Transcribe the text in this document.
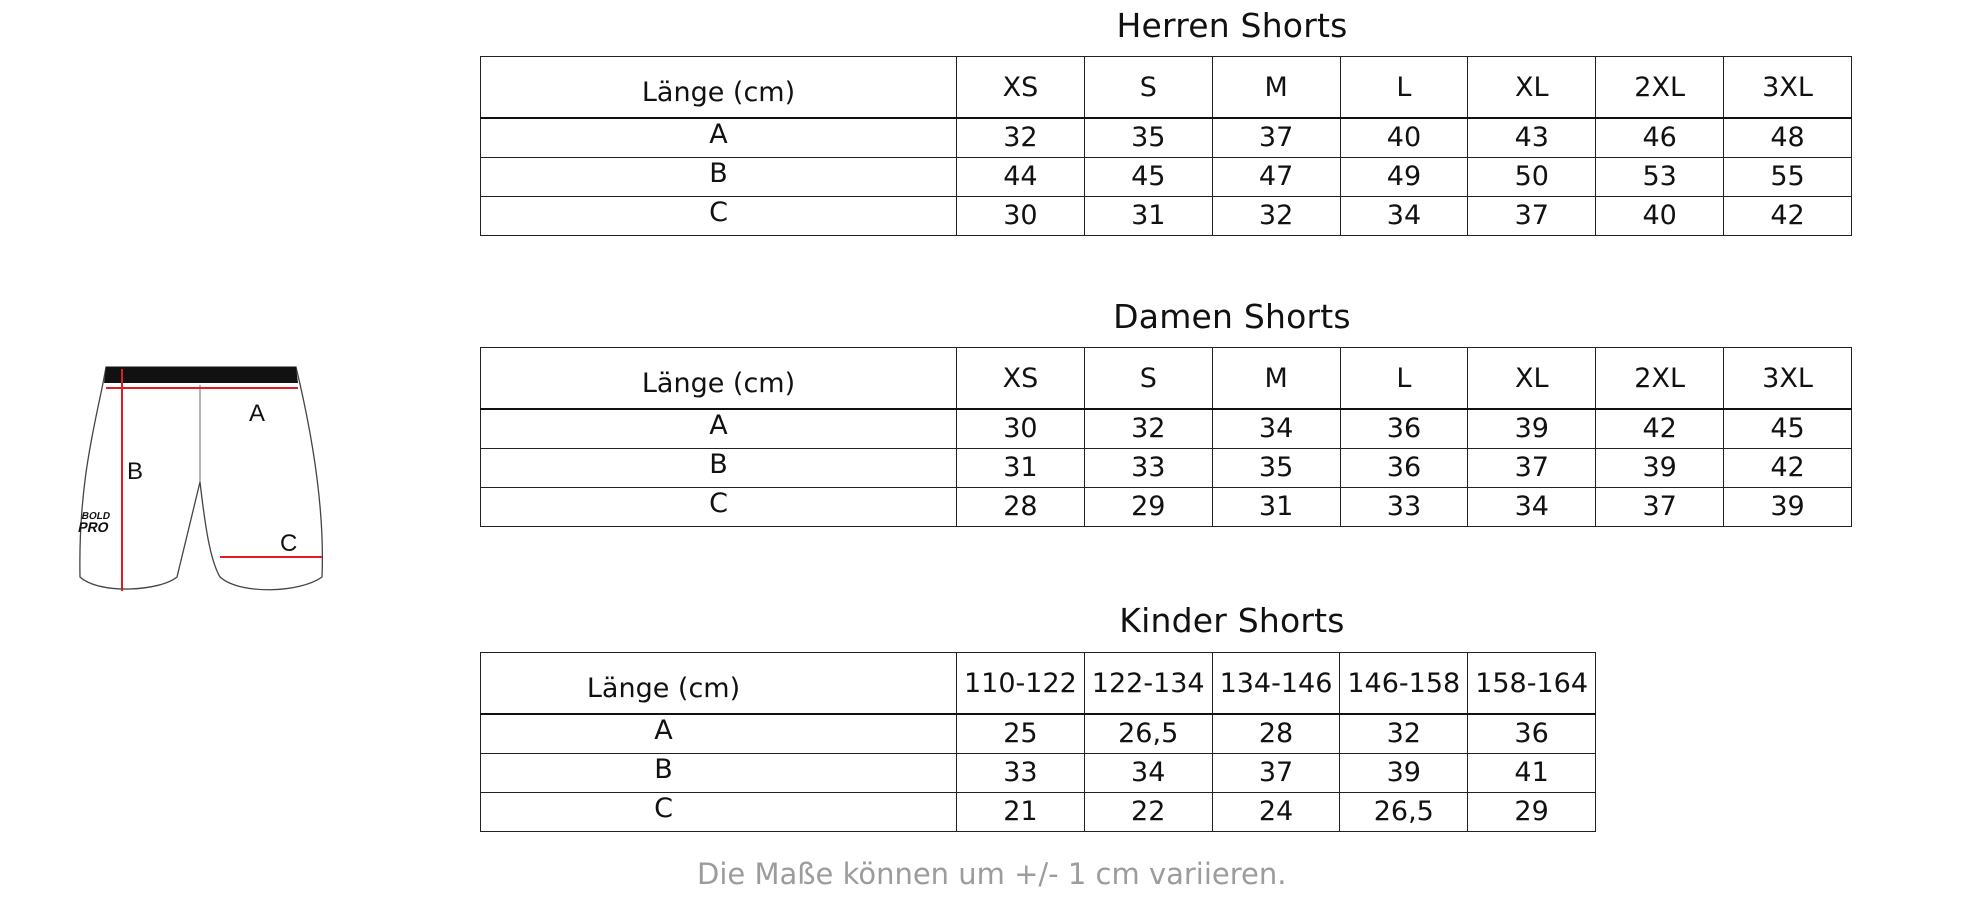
A
B
C
BOLD
PRO
Herren Shorts
Länge (cm)	XS	S	M	L	XL	2XL	3XL
A	32	35	37	40	43	46	48
B	44	45	47	49	50	53	55
C	30	31	32	34	37	40	42
Damen Shorts
Länge (cm)	XS	S	M	L	XL	2XL	3XL
A	30	32	34	36	39	42	45
B	31	33	35	36	37	39	42
C	28	29	31	33	34	37	39
Kinder Shorts
Länge (cm)	110-122	122-134	134-146	146-158	158-164
A	25	26,5	28	32	36
B	33	34	37	39	41
C	21	22	24	26,5	29
Die Maße können um +/- 1 cm variieren.
